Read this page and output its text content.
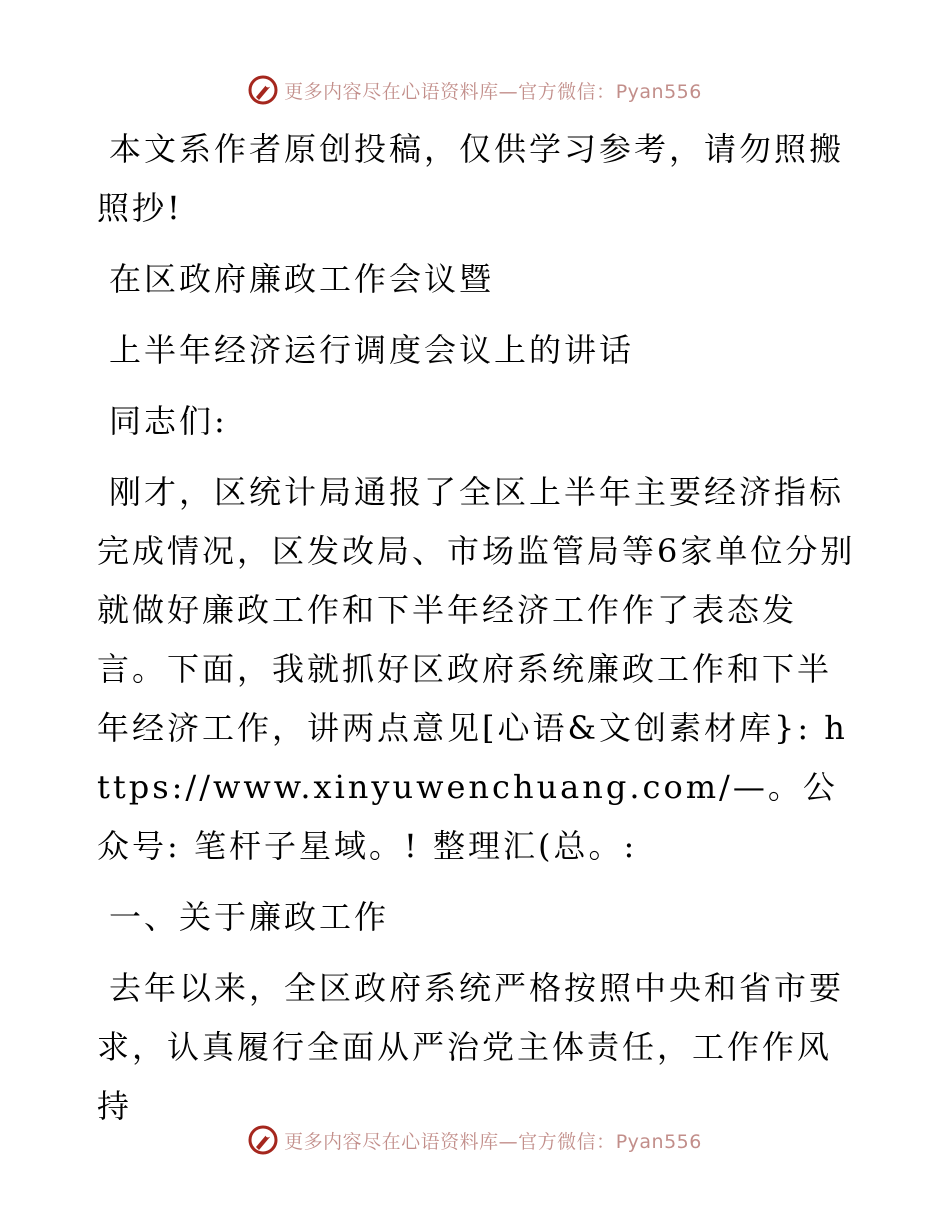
更多内容尽在心语资料库—官方微信：Pyan556

本文系作者原创投稿，仅供学习参考，请勿照搬照抄!

在区政府廉政工作会议暨

上半年经济运行调度会议上的讲话

同志们:

刚才，区统计局通报了全区上半年主要经济指标完成情况，区发改局、市场监管局等6家单位分别就做好廉政工作和下半年经济工作作了表态发言。下面，我就抓好区政府系统廉政工作和下半年经济工作，讲两点意见[心语&文创素材库}: https://www.xinyuwenchuang.com/—。公众号: 笔杆子星域。! 整理汇(总。:

一、关于廉政工作

去年以来，全区政府系统严格按照中央和省市要求，认真履行全面从严治党主体责任，工作作风持

更多内容尽在心语资料库—官方微信：Pyan556
